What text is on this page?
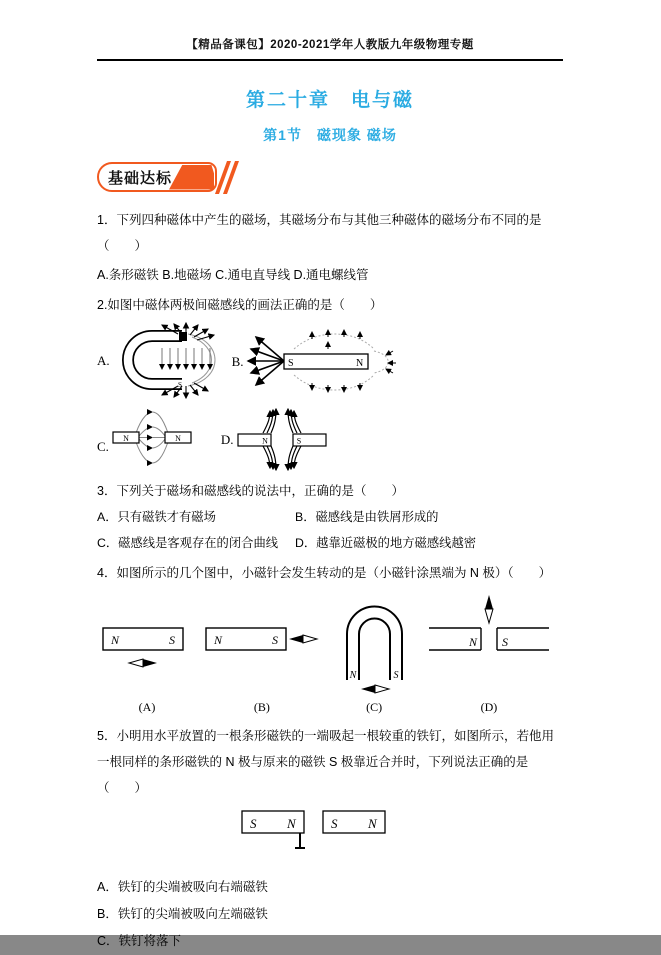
【精品备课包】2020-2021学年人教版九年级物理专题
第二十章　电与磁
第1节　磁现象 磁场
基础达标
1．下列四种磁体中产生的磁场，其磁场分布与其他三种磁体的磁场分布不同的是（　　）
A.条形磁铁 B.地磁场 C.通电直导线 D.通电螺线管
2.如图中磁体两极间磁感线的画法正确的是（　　）
A.
S
B.	S	N
C.
N	N	D.	N	S
3．下列关于磁场和磁感线的说法中，正确的是（　　）
A．只有磁铁才有磁场	B．磁感线是由铁屑形成的
C．磁感线是客观存在的闭合曲线	D．越靠近磁极的地方磁感线越密
4．如图所示的几个图中，小磁针会发生转动的是（小磁针涂黑端为 N 极）（　　）
N	S
(A)
N	S
(B)
N	S
(C)
N S
(D)
5．小明用水平放置的一根条形磁铁的一端吸起一根较重的铁钉，如图所示，若他用一根同样的条形磁铁的 N 极与原来的磁铁 S 极靠近合并时，下列说法正确的是（　　）
S N	S N
A．铁钉的尖端被吸向右端磁铁
B．铁钉的尖端被吸向左端磁铁
C．铁钉将落下
